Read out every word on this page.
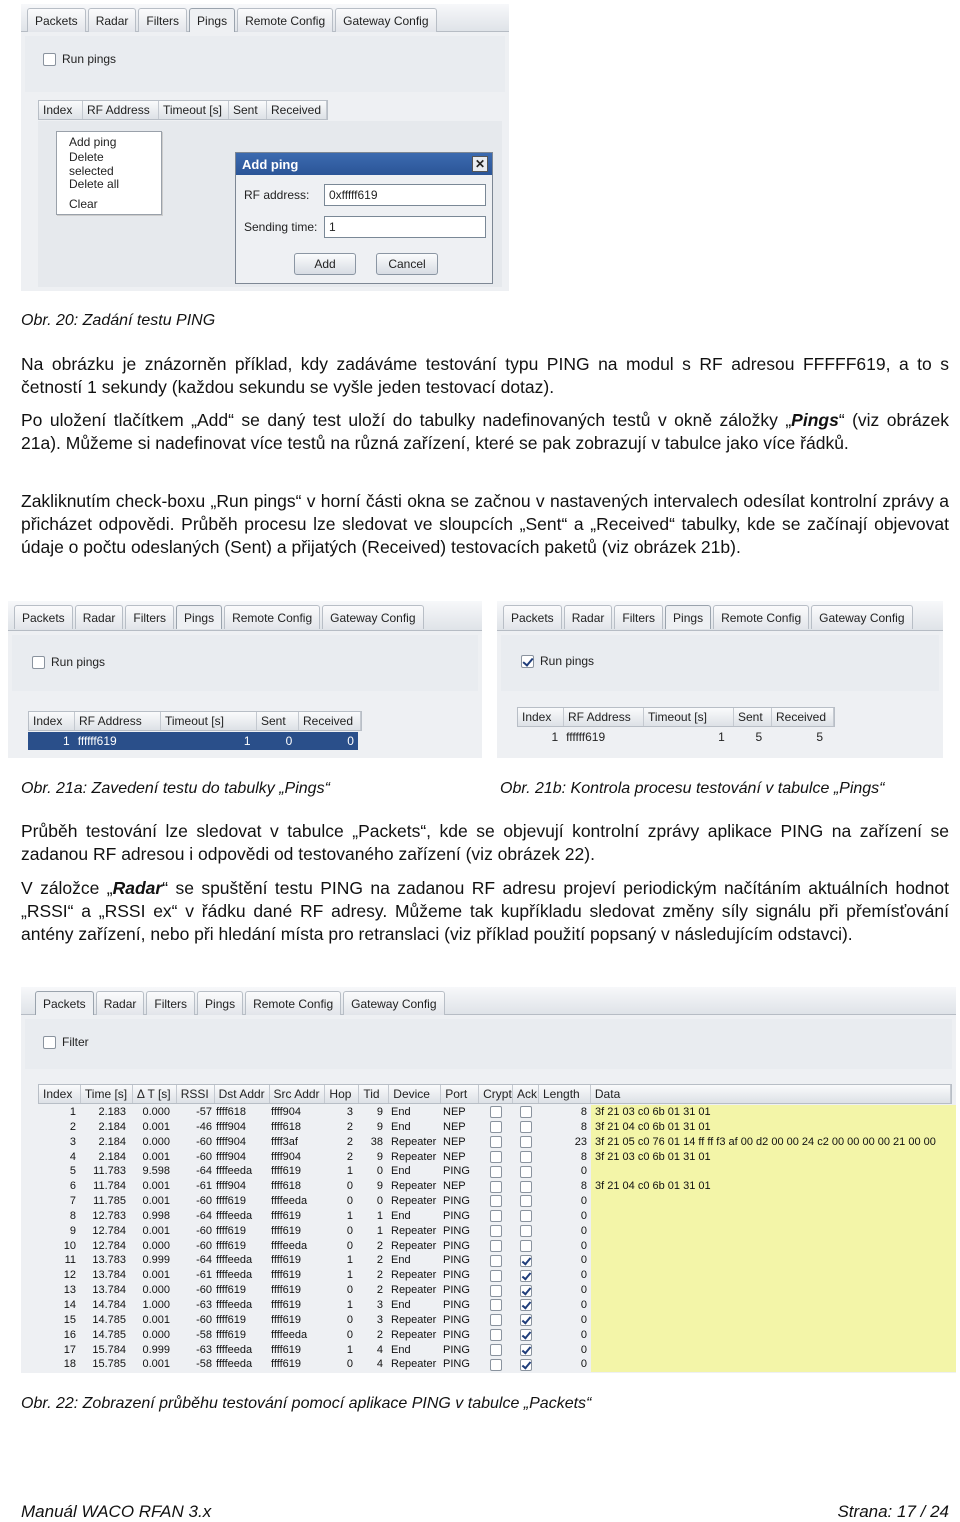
Packets	Radar	Filters	Pings	Remote Config	Gateway Config
Run pings
Index	RF Address	Timeout [s] Sent	Received
Add ping
Delete selected
Delete all
Clear
Add ping	✕
RF address:	0xfffff619
Sending time: 1
Add	Cancel
Obr. 20: Zadání testu PING

Na obrázku je znázorněn příklad, kdy zadáváme testování typu PING na modul s RF adresou FFFFF619, a to s četností 1 sekundy (každou sekundu se vyšle jeden testovací dotaz).

Po uložení tlačítkem „Add“ se daný test uloží do tabulky nadefinovaných testů v okně záložky „Pings“ (viz obrázek 21a). Můžeme si nadefinovat více testů na různá zařízení, které se pak zobrazují v tabulce jako více řádků.

Zakliknutím check-boxu „Run pings“ v horní části okna se začnou v nastavených intervalech odesílat kontrolní zprávy a přicházet odpovědi. Průběh procesu lze sledovat ve sloupcích „Sent“ a „Received“ tabulky, kde se začínají objevovat údaje o počtu odeslaných (Sent) a přijatých (Received) testovacích paketů (viz obrázek 21b).

Packets	Radar	Filters	Pings	Remote Config	Gateway Config
Run pings
Index	RF Address	Timeout [s]	Sent	Received
1 ffffff619	1	0	0
Packets	Radar	Filters	Pings	Remote Config	Gateway Config
Run pings
Index	RF Address	Timeout [s]	Sent	Received
1 ffffff619	1	5	5
Obr. 21a: Zavedení testu do tabulky „Pings“	Obr. 21b: Kontrola procesu testování v tabulce „Pings“

Průběh testování lze sledovat v tabulce „Packets“, kde se objevují kontrolní zprávy aplikace PING na zařízení se zadanou RF adresou i odpovědi od testovaného zařízení (viz obrázek 22).

V záložce „Radar“ se spuštění testu PING na zadanou RF adresu projeví periodickým načítáním aktuálních hodnot „RSSI“ a „RSSI ex“ v řádku dané RF adresy. Můžeme tak kupříkladu sledovat změny síly signálu při přemísťování antény zařízení, nebo při hledání místa pro retranslaci (viz příklad použití popsaný v následujícím odstavci).

Packets	Radar	Filters	Pings	Remote Config	Gateway Config
Filter
Index	Time [s] Δ T [s] RSSI Dst Addr Src Addr Hop Tid	Device	Port	Crypt Ack Length	Data
1	2.183	0.000	-57 ffff618	ffff904	3	9 End	NEP	8 3f 21 03 c0 6b 01 31 01
2	2.184	0.001	-46 ffff904	ffff618	2	9 End	NEP	8 3f 21 04 c0 6b 01 31 01
3	2.184	0.000	-60 ffff904	ffff3af	2	38 Repeater NEP	23 3f 21 05 c0 76 01 14 ff ff f3 af 00 d2 00 00 24 c2 00 00 00 00 21 00 00
4	2.184	0.001	-60 ffff904	ffff904	2	9 Repeater NEP	8 3f 21 03 c0 6b 01 31 01
5	11.783	9.598	-64 ffffeeda	ffff619	1	0 End	PING	0
6	11.784	0.001	-61 ffff904	ffff618	0	9 Repeater NEP	8 3f 21 04 c0 6b 01 31 01
7	11.785	0.001	-60 ffff619	ffffeeda	0	0 Repeater PING	0
8	12.783	0.998	-64 ffffeeda	ffff619	1	1 End	PING	0
9	12.784	0.001	-60 ffff619	ffff619	0	1 Repeater PING	0
10	12.784	0.000	-60 ffff619	ffffeeda	0	2 Repeater PING	0
11	13.783	0.999	-64 ffffeeda	ffff619	1	2 End	PING	0
12	13.784	0.001	-61 ffffeeda	ffff619	1	2 Repeater PING	0
13	13.784	0.000	-60 ffff619	ffff619	0	2 Repeater PING	0
14	14.784	1.000	-63 ffffeeda	ffff619	1	3 End	PING	0
15	14.785	0.001	-60 ffff619	ffff619	0	3 Repeater PING	0
16	14.785	0.000	-58 ffff619	ffffeeda	0	2 Repeater PING	0
17	15.784	0.999	-63 ffffeeda	ffff619	1	4 End	PING	0
18	15.785	0.001	-58 ffffeeda	ffff619	0	4 Repeater PING	0
Obr. 22: Zobrazení průběhu testování pomocí aplikace PING v tabulce „Packets“
Manuál WACO RFAN 3.x	Strana: 17 / 24
